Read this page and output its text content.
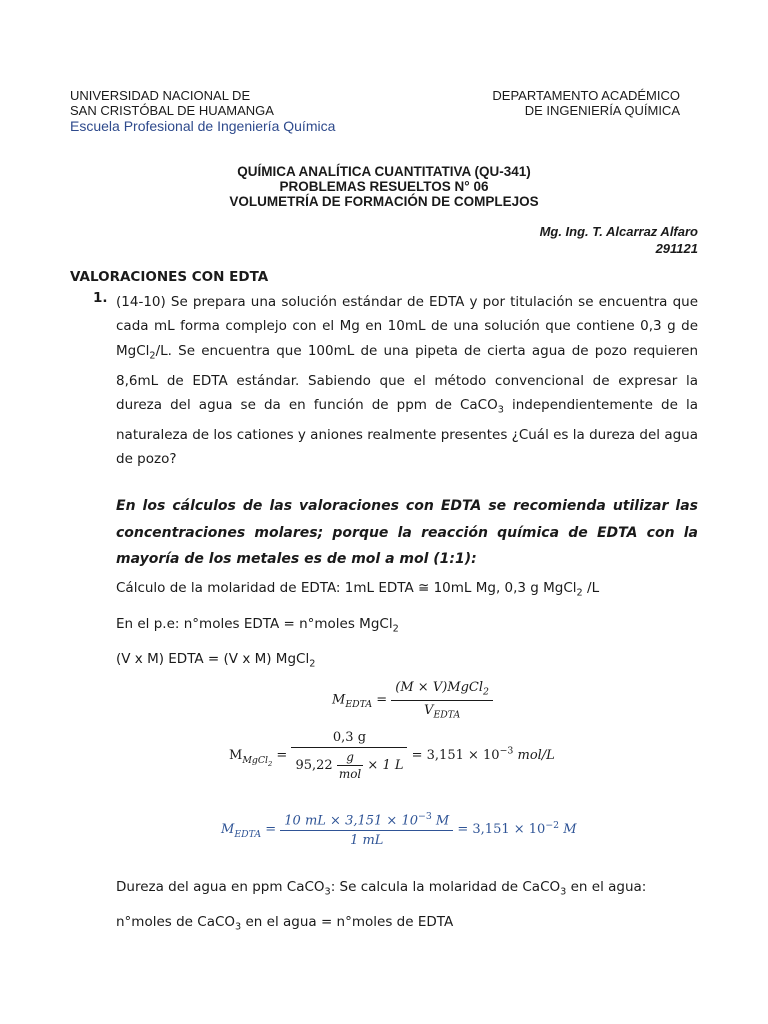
UNIVERSIDAD NACIONAL DE
SAN CRISTÓBAL DE HUAMANGA
Escuela Profesional de Ingeniería Química
DEPARTAMENTO ACADÉMICO
DE INGENIERÍA QUÍMICA
QUÍMICA ANALÍTICA CUANTITATIVA (QU-341)
PROBLEMAS RESUELTOS N° 06
VOLUMETRÍA DE FORMACIÓN DE COMPLEJOS
Mg. Ing. T. Alcarraz Alfaro
291121
VALORACIONES CON EDTA
1. (14-10) Se prepara una solución estándar de EDTA y por titulación se encuentra que cada mL forma complejo con el Mg en 10mL de una solución que contiene 0,3 g de MgCl$_2$/L. Se encuentra que 100mL de una pipeta de cierta agua de pozo requieren 8,6mL de EDTA estándar. Sabiendo que el método convencional de expresar la dureza del agua se da en función de ppm de CaCO$_3$ independientemente de la naturaleza de los cationes y aniones realmente presentes ¿Cuál es la dureza del agua de pozo?
En los cálculos de las valoraciones con EDTA se recomienda utilizar las concentraciones molares; porque la reacción química de EDTA con la mayoría de los metales es de mol a mol (1:1):
Cálculo de la molaridad de EDTA: 1mL EDTA ≅ 10mL Mg, 0,3 g MgCl$_2$ /L
En el p.e: n°moles EDTA = n°moles MgCl$_2$
(V x M) EDTA = (V x M) MgCl$_2$
$M_{EDTA} = \frac{(M \times V)MgCl_2}{V_{EDTA}}$
$M_{MgCl_2}$ =
0,3 g
$95,22 \frac{g}{\text{mol}} \times 1$ L
= $3,151 \times 10^{-3}$ mol/L
$M_{EDTA} = \frac{10 mL \times 3,151 \times 10^{-3} M}{1 mL} = 3,151 \times 10^{-2}$ M
Dureza del agua en ppm CaCO$_3$: Se calcula la molaridad de CaCO$_3$ en el agua:
n°moles de CaCO$_3$ en el agua = n°moles de EDTA
